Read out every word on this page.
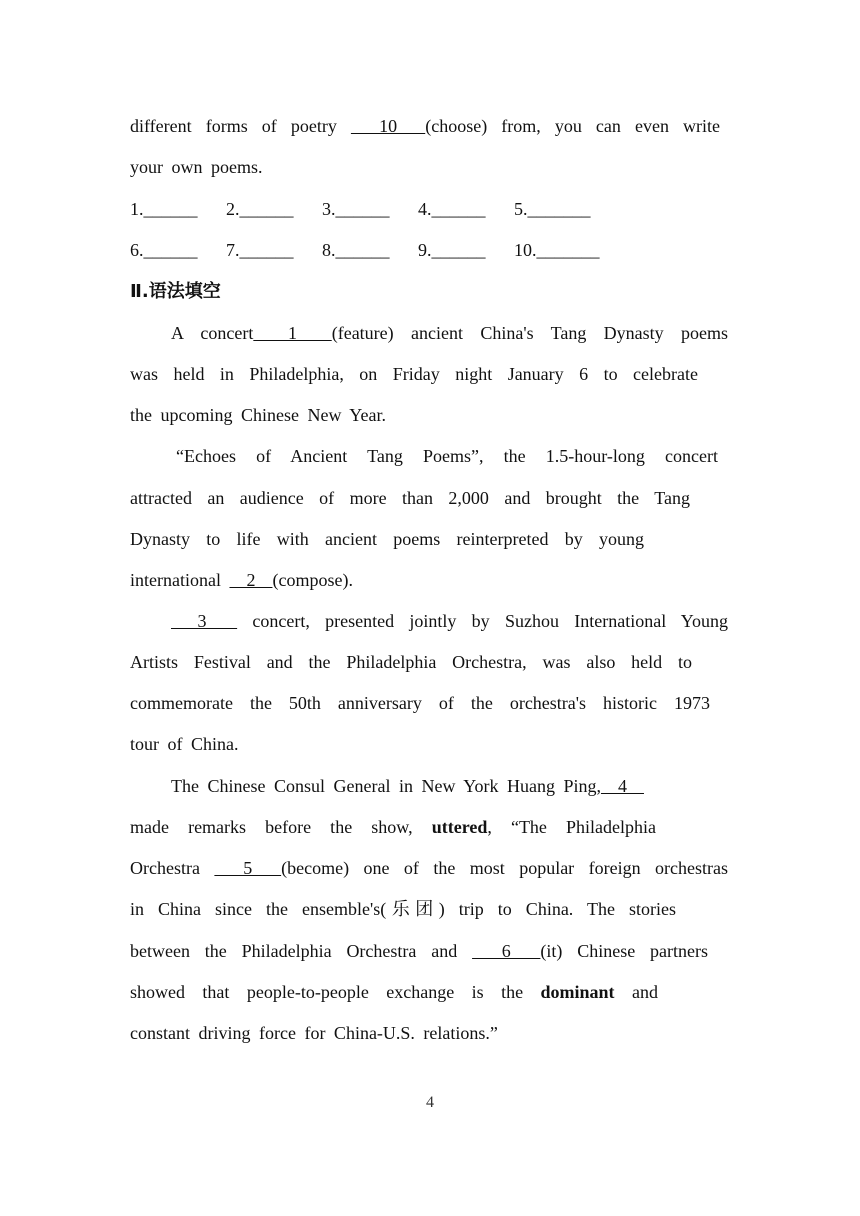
different forms of poetry   10  (choose) from, you can even write
your own poems.
1.______	2.______	3.______	4.______	5._______
6.______	7.______	8.______	9.______	10._______
Ⅱ.语法填空
A concert  1  (feature) ancient China's Tang Dynasty poems
was held in Philadelphia, on Friday night January 6 to celebrate
the upcoming Chinese New Year.
“Echoes of Ancient Tang Poems”, the 1.5-hour-long concert
attracted an audience of more than 2,000 and brought the Tang
Dynasty to life with ancient poems reinterpreted by young
international   2  (compose).
3   concert, presented jointly by Suzhou International Young
Artists Festival and the Philadelphia Orchestra, was also held to
commemorate the 50th anniversary of the orchestra's historic 1973
tour of China.
The Chinese Consul General in New York Huang Ping,  4
made remarks before the show, uttered, “The Philadelphia
Orchestra   5  (become) one of the most popular foreign orchestras
in China since the ensemble's(乐团) trip to China. The stories
between the Philadelphia Orchestra and   6  (it) Chinese partners
showed that people-to-people exchange is the dominant and
constant driving force for China-U.S. relations.”
4
